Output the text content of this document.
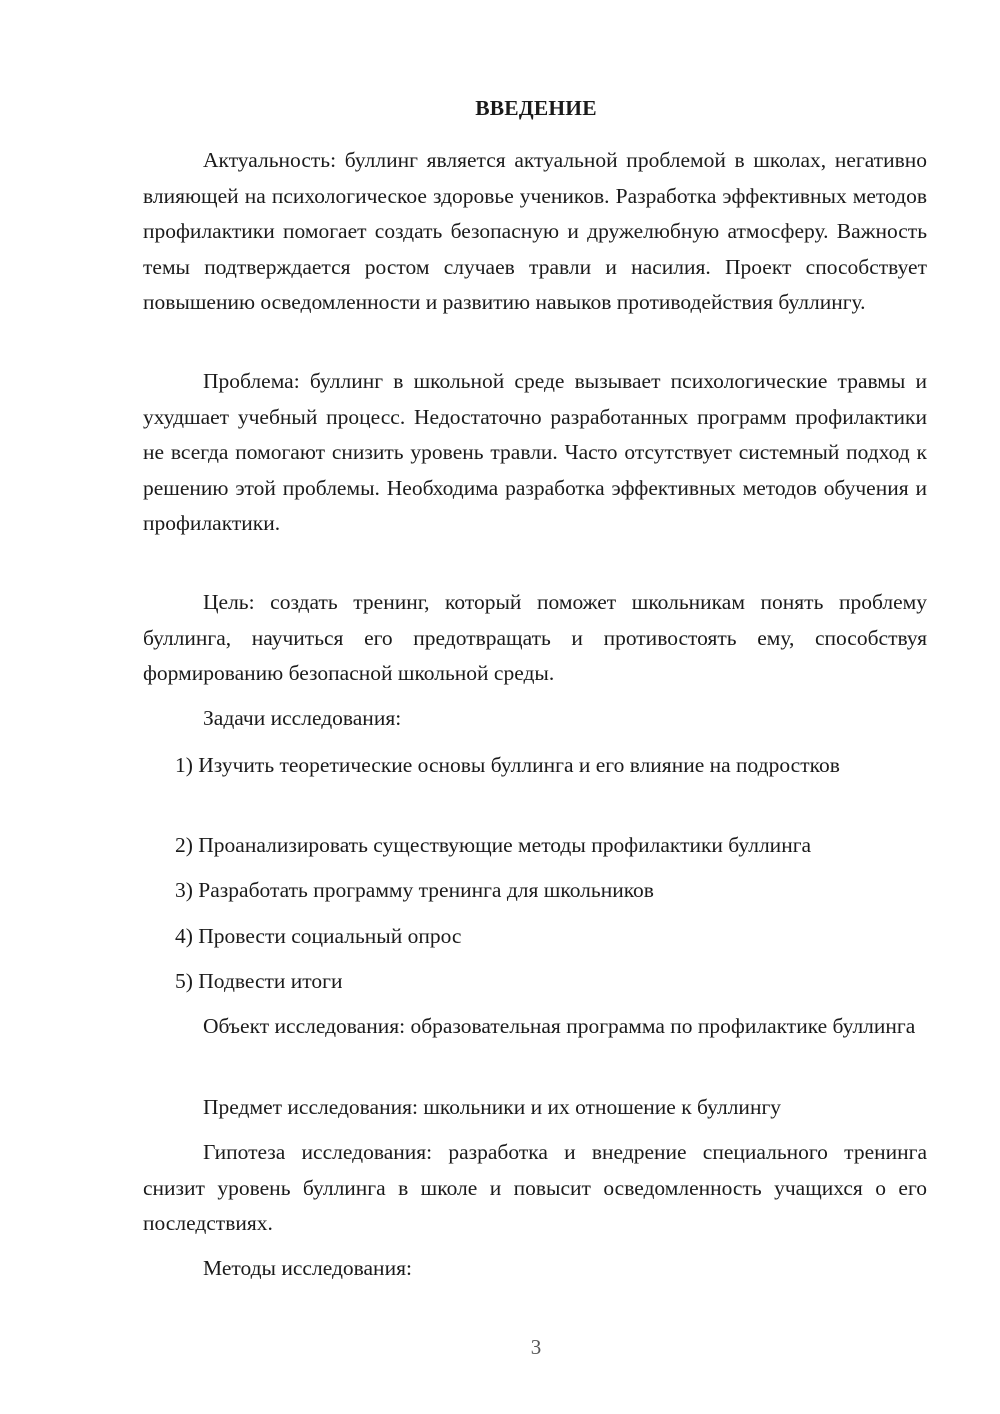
ВВЕДЕНИЕ

Актуальность: буллинг является актуальной проблемой в школах, негативно влияющей на психологическое здоровье учеников. Разработка эффективных методов профилактики помогает создать безопасную и дружелюбную атмосферу. Важность темы подтверждается ростом случаев травли и насилия. Проект способствует повышению осведомленности и развитию навыков противодействия буллингу.

Проблема: буллинг в школьной среде вызывает психологические травмы и ухудшает учебный процесс. Недостаточно разработанных программ профилактики не всегда помогают снизить уровень травли. Часто отсутствует системный подход к решению этой проблемы. Необходима разработка эффективных методов обучения и профилактики.

Цель: создать тренинг, который поможет школьникам понять проблему буллинга, научиться его предотвращать и противостоять ему, способствуя формированию безопасной школьной среды.

Задачи исследования:

1) Изучить теоретические основы буллинга и его влияние на подростков

2) Проанализировать существующие методы профилактики буллинга

3) Разработать программу тренинга для школьников

4) Провести социальный опрос

5) Подвести итоги

Объект исследования: образовательная программа по профилактике буллинга

Предмет исследования: школьники и их отношение к буллингу

Гипотеза исследования: разработка и внедрение специального тренинга снизит уровень буллинга в школе и повысит осведомленность учащихся о его последствиях.

Методы исследования:

3
